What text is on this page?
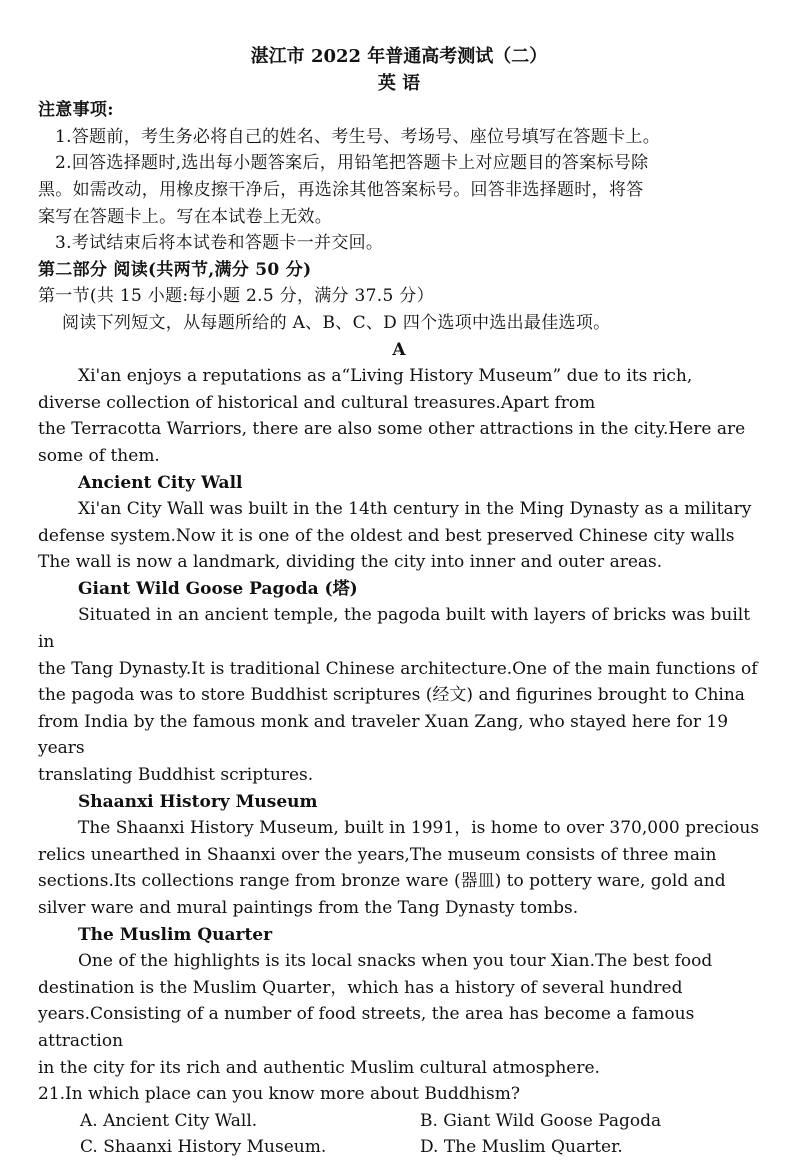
湛江市 2022 年普通高考测试（二）

英 语

注意事项:

1.答题前，考生务必将自己的姓名、考生号、考场号、座位号填写在答题卡上。

2.回答选择题时,选出每小题答案后，用铅笔把答题卡上对应题目的答案标号除

黑。如需改动，用橡皮擦干净后，再选涂其他答案标号。回答非选择题时，将答

案写在答题卡上。写在本试卷上无效。

3.考试结束后将本试卷和答题卡一并交回。

第二部分 阅读(共两节,满分 50 分)

第一节(共 15 小题:每小题 2.5 分，满分 37.5 分）

阅读下列短文，从每题所给的 A、B、C、D 四个选项中选出最佳选项。

A

Xi'an enjoys a reputations as a“Living History Museum” due to its rich,

diverse collection of historical and cultural treasures.Apart from

the Terracotta Warriors, there are also some other attractions in the city.Here are

some of them.

Ancient City Wall

Xi'an City Wall was built in the 14th century in the Ming Dynasty as a military

defense system.Now it is one of the oldest and best preserved Chinese city walls

The wall is now a landmark, dividing the city into inner and outer areas.

Giant Wild Goose Pagoda (塔)

Situated in an ancient temple, the pagoda built with layers of bricks was built in

the Tang Dynasty.It is traditional Chinese architecture.One of the main functions of

the pagoda was to store Buddhist scriptures (经文) and figurines brought to China

from India by the famous monk and traveler Xuan Zang, who stayed here for 19 years

translating Buddhist scriptures.

Shaanxi History Museum

The Shaanxi History Museum, built in 1991，is home to over 370,000 precious

relics unearthed in Shaanxi over the years,The museum consists of three main

sections.Its collections range from bronze ware (器皿) to pottery ware, gold and

silver ware and mural paintings from the Tang Dynasty tombs.

The Muslim Quarter

One of the highlights is its local snacks when you tour Xian.The best food

destination is the Muslim Quarter，which has a history of several hundred

years.Consisting of a number of food streets, the area has become a famous attraction

in the city for its rich and authentic Muslim cultural atmosphere.

21.In which place can you know more about Buddhism?

A. Ancient City Wall.	B. Giant Wild Goose Pagoda
C. Shaanxi History Museum.	D. The Muslim Quarter.
